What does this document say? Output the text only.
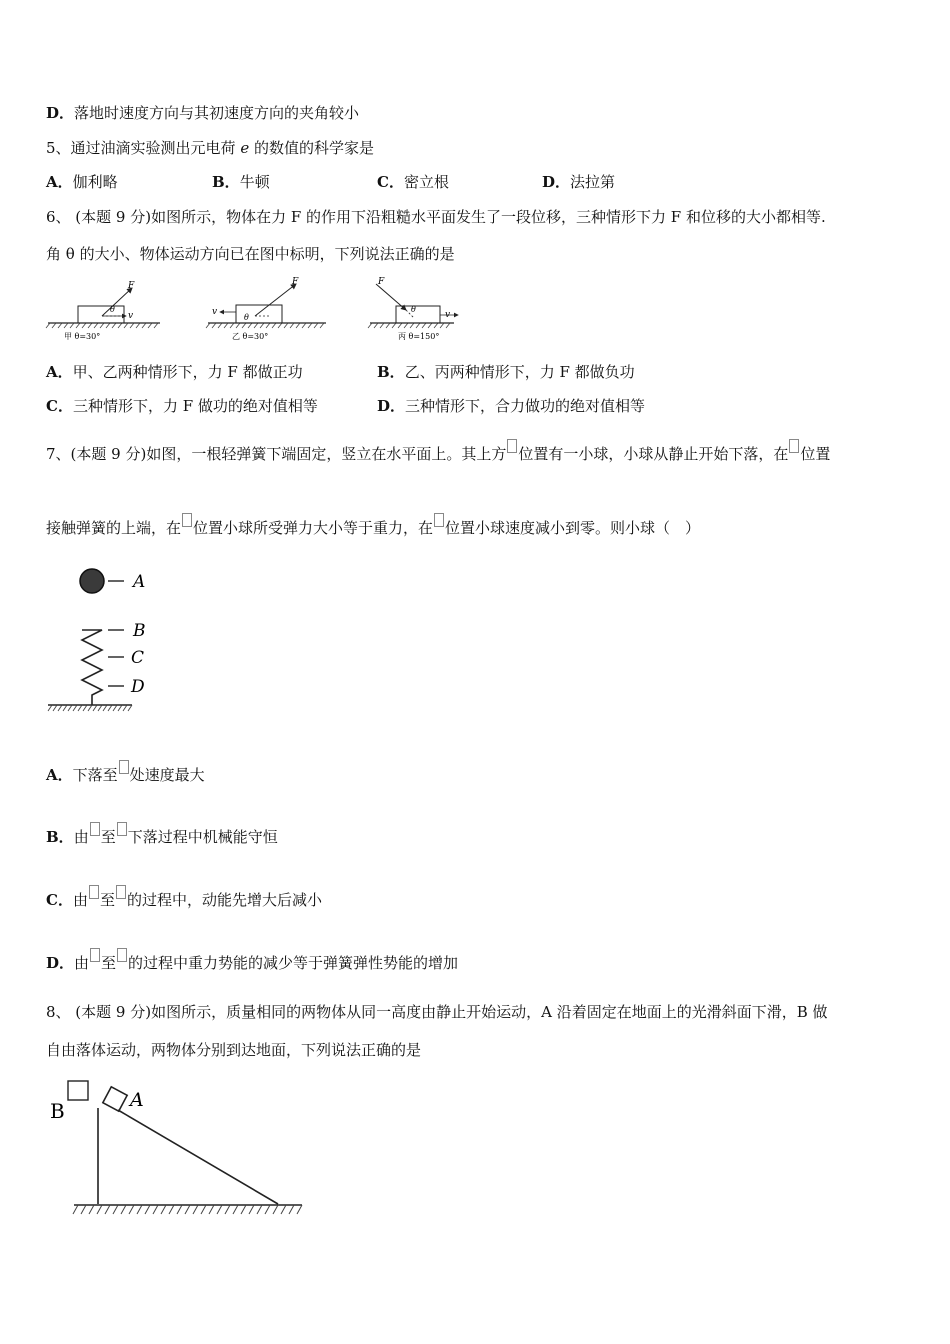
D．落地时速度方向与其初速度方向的夹角较小
5、通过油滴实验测出元电荷 e 的数值的科学家是
A．伽利略	B．牛顿	C．密立根	D．法拉第
6、 (本题 9 分)如图所示，物体在力 F 的作用下沿粗糙水平面发生了一段位移，三种情形下力 F 和位移的大小都相等.
角 θ 的大小、物体运动方向已在图中标明，下列说法正确的是
F
θ
v
甲 θ=30°
F
θ
v
乙 θ=30°
F
θ
v
丙 θ=150°
A．甲、乙两种情形下，力 F 都做正功	B．乙、丙两种情形下，力 F 都做负功
C．三种情形下，力 F 做功的绝对值相等	D．三种情形下，合力做功的绝对值相等
7、(本题 9 分)如图，一根轻弹簧下端固定，竖立在水平面上。其上方 位置有一小球，小球从静止开始下落，在 位置
接触弹簧的上端，在 位置小球所受弹力大小等于重力，在 位置小球速度减小到零。则小球（　）
A
B
C
D
A．下落至 处速度最大
B．由 至 下落过程中机械能守恒
C．由 至 的过程中，动能先增大后减小
D．由 至 的过程中重力势能的减少等于弹簧弹性势能的增加
8、 (本题 9 分)如图所示，质量相同的两物体从同一高度由静止开始运动，A 沿着固定在地面上的光滑斜面下滑，B 做
自由落体运动，两物体分别到达地面，下列说法正确的是
B	A
